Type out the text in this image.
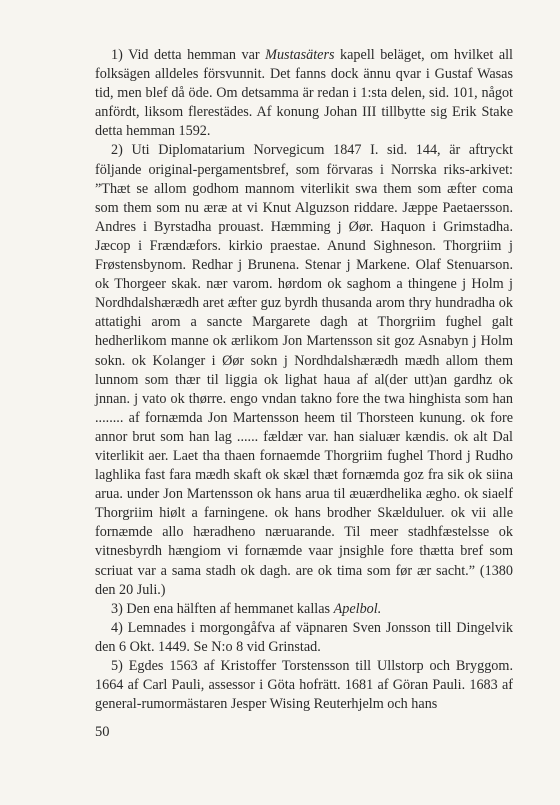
1) Vid detta hemman var Mustasäters kapell beläget, om hvilket all folksägen alldeles försvunnit. Det fanns dock ännu qvar i Gustaf Wasas tid, men blef då öde. Om detsamma är redan i 1:sta delen, sid. 101, något anfördt, liksom flerestädes. Af konung Johan III tillbytte sig Erik Stake detta hemman 1592.

2) Uti Diplomatarium Norvegicum 1847 I. sid. 144, är aftryckt följande original-pergamentsbref, som förvaras i Norrska riks-arkivet: ”Thæt se allom godhom mannom viterlikit swa them som æfter coma som them som nu æræ at vi Knut Alguzson riddare. Jæppe Paetaersson. Andres i Byrstadha prouast. Hæmming j Øør. Haquon i Grimstadha. Jæcop i Frændæfors. kirkio praestae. Anund Sighneson. Thorgriim j Frøstensbynom. Redhar j Brunena. Stenar j Markene. Olaf Stenuarson. ok Thorgeer skak. nær varom. hørdom ok saghom a thingene j Holm j Nordhdalshærædh aret æfter guz byrdh thusanda arom thry hundradha ok attatighi arom a sancte Margarete dagh at Thorgriim fughel galt hedherlikom manne ok ærlikom Jon Martensson sit goz Asnabyn j Holm sokn. ok Kolanger i Øør sokn j Nordhdalshærædh mædh allom them lunnom som thær til liggia ok lighat haua af al(der utt)an gardhz ok jnnan. j vato ok thørre. engo vndan takno fore the twa hinghista som han ........ af fornæmda Jon Martensson heem til Thorsteen kunung. ok fore annor brut som han lag ...... fældær var. han sialuær kændis. ok alt Dal viterlikit aer. Laet tha thaen fornaemde Thorgriim fughel Thord j Rudho laghlika fast fara mædh skaft ok skæl thæt fornæmda goz fra sik ok siina arua. under Jon Martensson ok hans arua til æuærdhelika ægho. ok siaelf Thorgriim hiølt a farningene. ok hans brodher Skælduluer. ok vii alle fornæmde allo hæradheno næruarande. Til meer stadhfæstelsse ok vitnesbyrdh hængiom vi fornæmde vaar jnsighle fore thætta bref som scriuat var a sama stadh ok dagh. are ok tima som før ær sacht.” (1380 den 20 Juli.)

3) Den ena hälften af hemmanet kallas Apelbol.

4) Lemnades i morgongåfva af väpnaren Sven Jonsson till Dingelvik den 6 Okt. 1449. Se N:o 8 vid Grinstad.

5) Egdes 1563 af Kristoffer Torstensson till Ullstorp och Bryggom. 1664 af Carl Pauli, assessor i Göta hofrätt. 1681 af Göran Pauli. 1683 af general-rumormästaren Jesper Wising Reuterhjelm och hans

50
